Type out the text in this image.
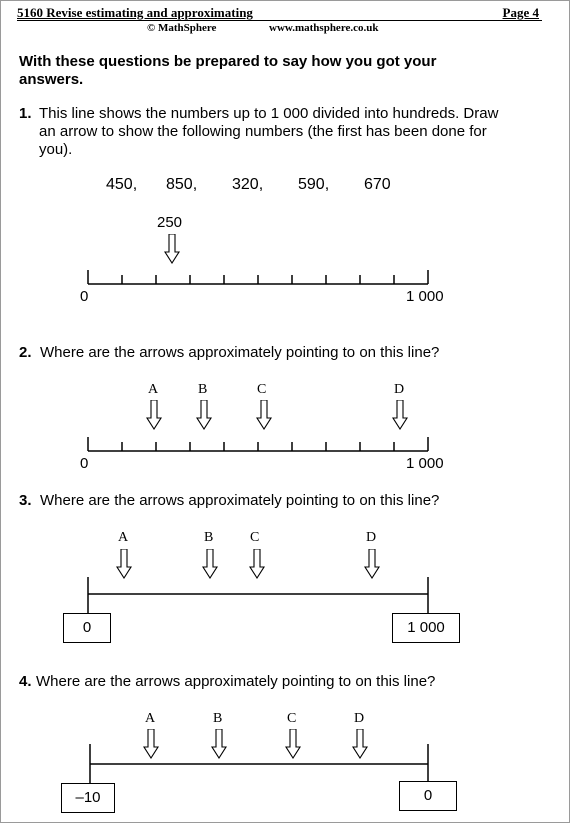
5160 Revise estimating and approximating	Page 4
© MathSphere	www.mathsphere.co.uk
With these questions be prepared to say how you got your answers.
1. This line shows the numbers up to 1 000 divided into hundreds. Draw an arrow to show the following numbers (the first has been done for you).
450, 850, 320, 590, 670
250
0	1 000
2. Where are the arrows approximately pointing to on this line?
A	B	C	D
0	1 000
3. Where are the arrows approximately pointing to on this line?
A	B	C	D
0	1 000
4. Where are the arrows approximately pointing to on this line?
A	B	C	D
–10	0
